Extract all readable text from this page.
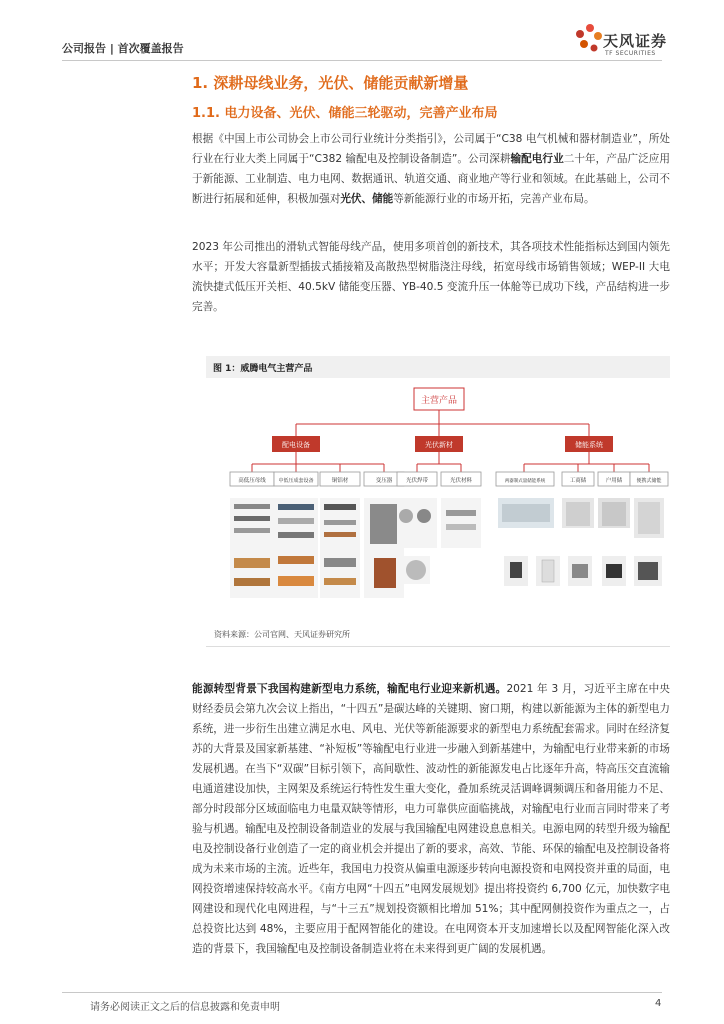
公司报告 | 首次覆盖报告	天风证券
TF SECURITIES
1. 深耕母线业务，光伏、储能贡献新增量
1.1. 电力设备、光伏、储能三轮驱动，完善产业布局
根据《中国上市公司协会上市公司行业统计分类指引》，公司属于“C38 电气机械和器材制造业”，所处行业在行业大类上同属于“C382 输配电及控制设备制造”。公司深耕输配电行业二十年，产品广泛应用于新能源、工业制造、电力电网、数据通讯、轨道交通、商业地产等行业和领域。在此基础上，公司不断进行拓展和延伸，积极加强对光伏、储能等新能源行业的市场开拓，完善产业布局。
2023 年公司推出的滑轨式智能母线产品，使用多项首创的新技术，其各项技术性能指标达到国内领先水平；开发大容量新型插拔式插接箱及高散热型树脂浇注母线，拓宽母线市场销售领域；WEP-II 大电流快捷式低压开关柜、40.5kV 储能变压器、YB-40.5 变流升压一体舱等已成功下线，产品结构进一步完善。
图 1：威腾电气主营产品
主营产品
配电设备	光伏新材	储能系统
高低压母线	中低压成套设备	铜铝材	变压器 光伏焊带	光伏材料	两器制式量储能系统	工商储	户用储	便携式储能
资料来源：公司官网、天风证券研究所
能源转型背景下我国构建新型电力系统，输配电行业迎来新机遇。2021 年 3 月，习近平主席在中央财经委员会第九次会议上指出，“十四五”是碳达峰的关键期、窗口期，构建以新能源为主体的新型电力系统，进一步衍生出建立满足水电、风电、光伏等新能源要求的新型电力系统配套需求。同时在经济复苏的大背景及国家新基建、“补短板”等输配电行业进一步融入到新基建中，为输配电行业带来新的市场发展机遇。在当下“双碳”目标引领下，高间歇性、波动性的新能源发电占比逐年升高，特高压交直流输电通道建设加快，主网架及系统运行特性发生重大变化，叠加系统灵活调峰调频调压和备用能力不足、部分时段部分区域面临电力电量双缺等情形，电力可靠供应面临挑战，对输配电行业而言同时带来了考验与机遇。输配电及控制设备制造业的发展与我国输配电网建设息息相关。电源电网的转型升级为输配电及控制设备行业创造了一定的商业机会并提出了新的要求，高效、节能、环保的输配电及控制设备将成为未来市场的主流。近些年，我国电力投资从偏重电源逐步转向电源投资和电网投资并重的局面，电网投资增速保持较高水平。《南方电网“十四五”电网发展规划》提出将投资约 6,700 亿元，加快数字电网建设和现代化电网进程，与“十三五”规划投资额相比增加 51%；其中配网侧投资作为重点之一，占总投资比达到 48%，主要应用于配网智能化的建设。在电网资本开支加速增长以及配网智能化深入改造的背景下，我国输配电及控制设备制造业将在未来得到更广阔的发展机遇。
请务必阅读正文之后的信息披露和免责申明	4
